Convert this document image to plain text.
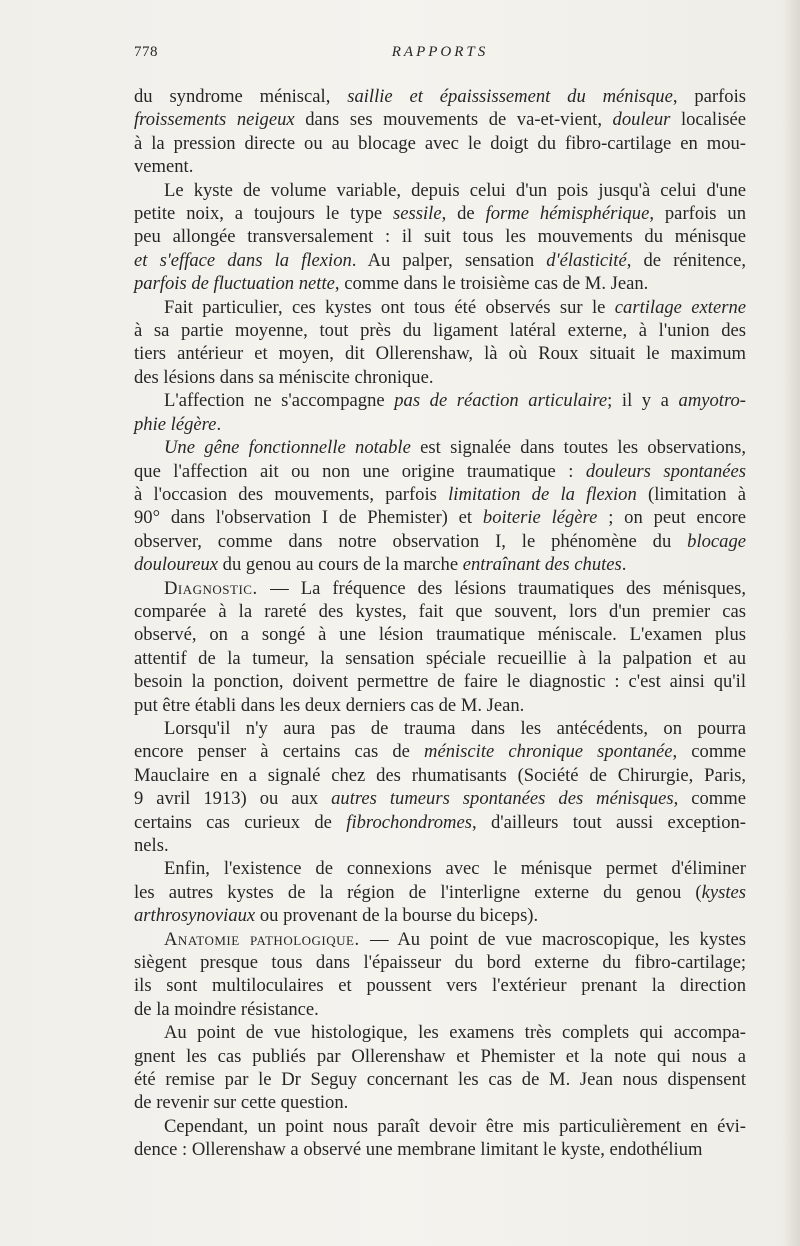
778	RAPPORTS
du syndrome méniscal, saillie et épaississement du ménisque, parfois
froissements neigeux dans ses mouvements de va-et-vient, douleur localisée
à la pression directe ou au blocage avec le doigt du fibro-cartilage en mou-
vement.
Le kyste de volume variable, depuis celui d'un pois jusqu'à celui d'une
petite noix, a toujours le type sessile, de forme hémisphérique, parfois un
peu allongée transversalement : il suit tous les mouvements du ménisque
et s'efface dans la flexion. Au palper, sensation d'élasticité, de rénitence,
parfois de fluctuation nette, comme dans le troisième cas de M. Jean.
Fait particulier, ces kystes ont tous été observés sur le cartilage externe
à sa partie moyenne, tout près du ligament latéral externe, à l'union des
tiers antérieur et moyen, dit Ollerenshaw, là où Roux situait le maximum
des lésions dans sa méniscite chronique.
L'affection ne s'accompagne pas de réaction articulaire; il y a amyotro-
phie légère.
Une gêne fonctionnelle notable est signalée dans toutes les observations,
que l'affection ait ou non une origine traumatique : douleurs spontanées
à l'occasion des mouvements, parfois limitation de la flexion (limitation à
90° dans l'observation I de Phemister) et boiterie légère ; on peut encore
observer, comme dans notre observation I, le phénomène du blocage
douloureux du genou au cours de la marche entraînant des chutes.
Diagnostic. — La fréquence des lésions traumatiques des ménisques,
comparée à la rareté des kystes, fait que souvent, lors d'un premier cas
observé, on a songé à une lésion traumatique méniscale. L'examen plus
attentif de la tumeur, la sensation spéciale recueillie à la palpation et au
besoin la ponction, doivent permettre de faire le diagnostic : c'est ainsi qu'il
put être établi dans les deux derniers cas de M. Jean.
Lorsqu'il n'y aura pas de trauma dans les antécédents, on pourra
encore penser à certains cas de méniscite chronique spontanée, comme
Mauclaire en a signalé chez des rhumatisants (Société de Chirurgie, Paris,
9 avril 1913) ou aux autres tumeurs spontanées des ménisques, comme
certains cas curieux de fibrochondromes, d'ailleurs tout aussi exception-
nels.
Enfin, l'existence de connexions avec le ménisque permet d'éliminer
les autres kystes de la région de l'interligne externe du genou (kystes
arthrosynoviaux ou provenant de la bourse du biceps).
Anatomie pathologique. — Au point de vue macroscopique, les kystes
siègent presque tous dans l'épaisseur du bord externe du fibro-cartilage;
ils sont multiloculaires et poussent vers l'extérieur prenant la direction
de la moindre résistance.
Au point de vue histologique, les examens très complets qui accompa-
gnent les cas publiés par Ollerenshaw et Phemister et la note qui nous a
été remise par le Dr Seguy concernant les cas de M. Jean nous dispensent
de revenir sur cette question.
Cependant, un point nous paraît devoir être mis particulièrement en évi-
dence : Ollerenshaw a observé une membrane limitant le kyste, endothélium
